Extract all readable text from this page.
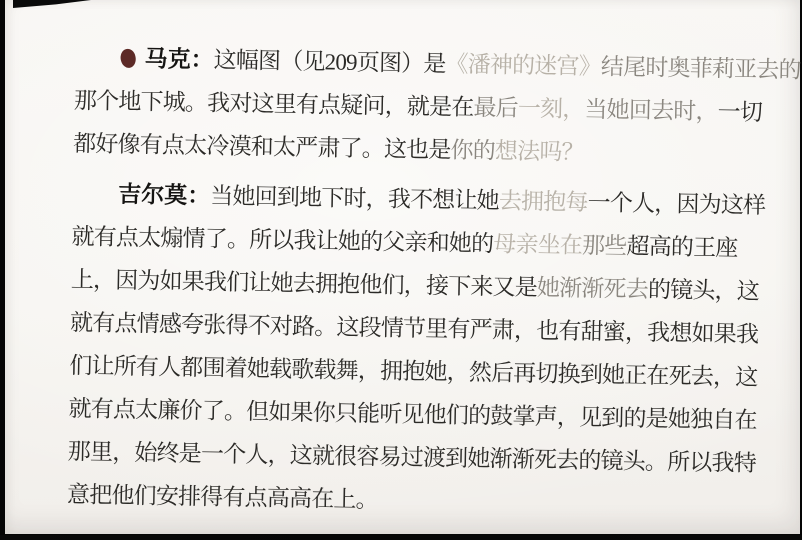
马克：这幅图（见209页图）是《潘神的迷宫》结尾时奥菲莉亚去的
那个地下城。我对这里有点疑问，就是在最后一刻，当她回去时，一切
都好像有点太冷漠和太严肃了。这也是你的想法吗？
吉尔莫：当她回到地下时，我不想让她去拥抱每一个人，因为这样
就有点太煽情了。所以我让她的父亲和她的母亲坐在那些超高的王座
上，因为如果我们让她去拥抱他们，接下来又是她渐渐死去的镜头，这
就有点情感夸张得不对路。这段情节里有严肃，也有甜蜜，我想如果我
们让所有人都围着她载歌载舞，拥抱她，然后再切换到她正在死去，这
就有点太廉价了。但如果你只能听见他们的鼓掌声，见到的是她独自在
那里，始终是一个人，这就很容易过渡到她渐渐死去的镜头。所以我特
意把他们安排得有点高高在上。
